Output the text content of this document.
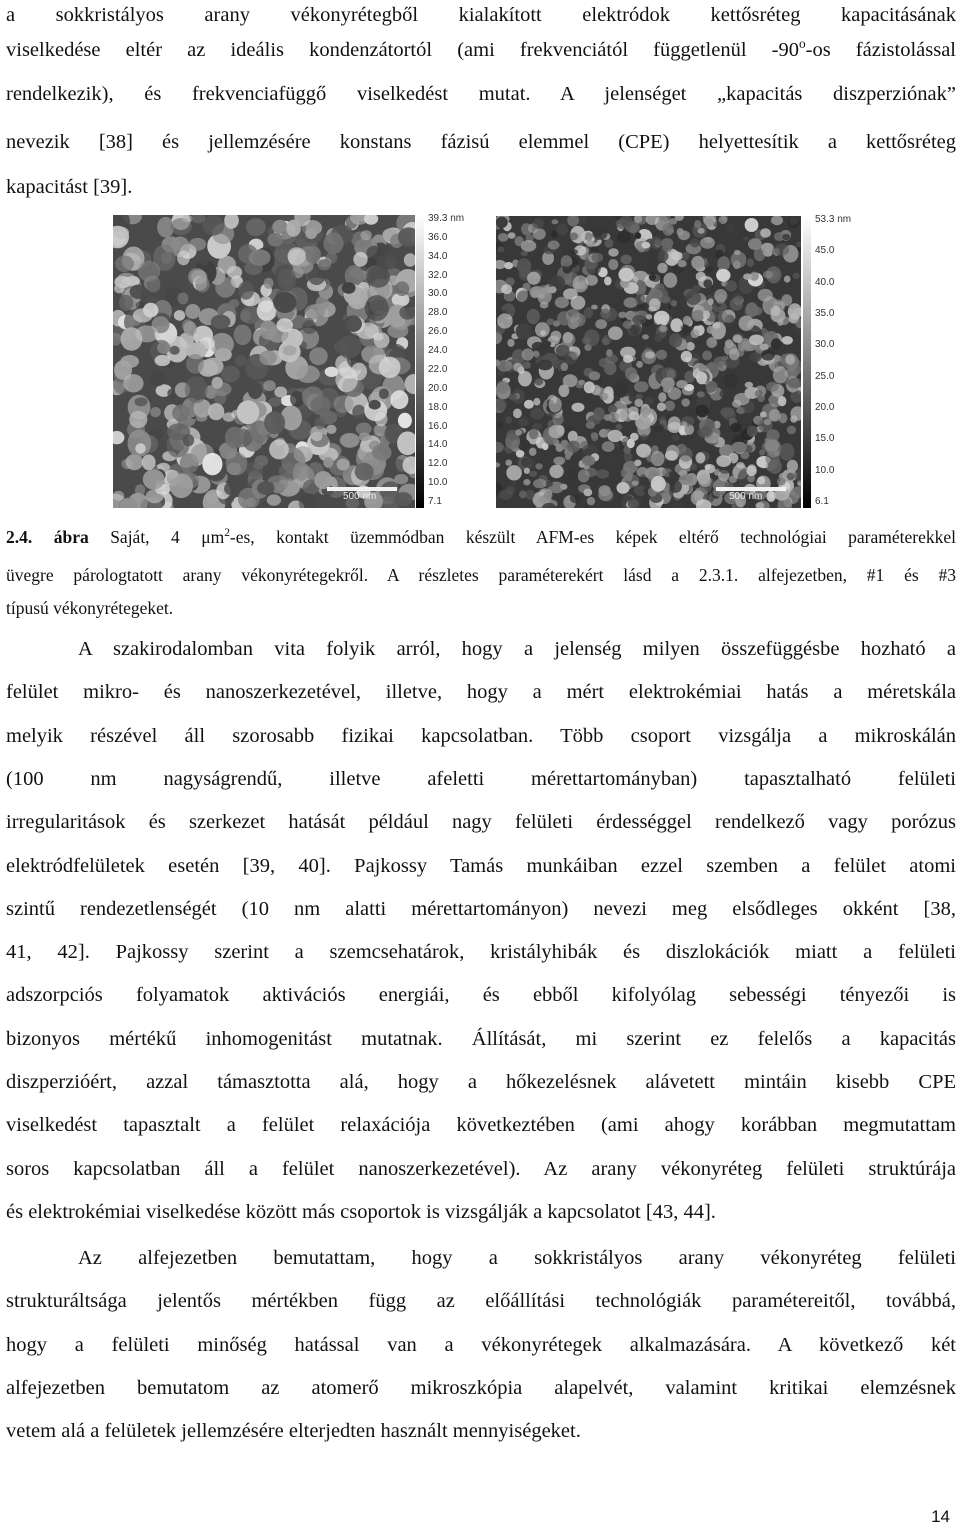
a sokkristályos arany vékonyrétegből kialakított elektródok kettősréteg kapacitásának

viselkedése eltér az ideális kondenzátortól (ami frekvenciától függetlenül -90$^o$-os fázistolással

rendelkezik), és frekvenciafüggő viselkedést mutat. A jelenséget „kapacitás diszperziónak”

nevezik [38] és jellemzésére konstans fázisú elemmel (CPE) helyettesítik a kettősréteg

kapacitást [39].

500 nm
39.3 nm
36.0
34.0
32.0
30.0
28.0
26.0
24.0
22.0
20.0
18.0
16.0
14.0
12.0
10.0
7.1	500 nm
53.3 nm
45.0
40.0
35.0
30.0
25.0
20.0
15.0
10.0
6.1
2.4. ábra Saját, 4 $\mu m^2-es$, kontakt üzemmódban készült AFM-es képek eltérő technológiai paraméterekkel
üvegre párologtatott arany vékonyrétegekről. A részletes paraméterekért lásd a 2.3.1. alfejezetben, #1 és #3
típusú vékonyrétegeket.

A szakirodalomban vita folyik arról, hogy a jelenség milyen összefüggésbe hozható a

felület mikro- és nanoszerkezetével, illetve, hogy a mért elektrokémiai hatás a méretskála

melyik részével áll szorosabb fizikai kapcsolatban. Több csoport vizsgálja a mikroskálán

(100 nm nagyságrendű, illetve afeletti mérettartományban) tapasztalható felületi

irregularitások és szerkezet hatását például nagy felületi érdességgel rendelkező vagy porózus

elektródfelületek esetén [39, 40]. Pajkossy Tamás munkáiban ezzel szemben a felület atomi

szintű rendezetlenségét (10 nm alatti mérettartományon) nevezi meg elsődleges okként [38,

41, 42]. Pajkossy szerint a szemcsehatárok, kristályhibák és diszlokációk miatt a felületi

adszorpciós folyamatok aktivációs energiái, és ebből kifolyólag sebességi tényezői is

bizonyos mértékű inhomogenitást mutatnak. Állítását, mi szerint ez felelős a kapacitás

diszperzióért, azzal támasztotta alá, hogy a hőkezelésnek alávetett mintáin kisebb CPE

viselkedést tapasztalt a felület relaxációja következtében (ami ahogy korábban megmutattam

soros kapcsolatban áll a felület nanoszerkezetével). Az arany vékonyréteg felületi struktúrája

és elektrokémiai viselkedése között más csoportok is vizsgálják a kapcsolatot [43, 44].

Az alfejezetben bemutattam, hogy a sokkristályos arany vékonyréteg felületi

strukturáltsága jelentős mértékben függ az előállítási technológiák paramétereitől, továbbá,

hogy a felületi minőség hatással van a vékonyrétegek alkalmazására. A következő két

alfejezetben bemutatom az atomerő mikroszkópia alapelvét, valamint kritikai elemzésnek

vetem alá a felületek jellemzésére elterjedten használt mennyiségeket.

14
